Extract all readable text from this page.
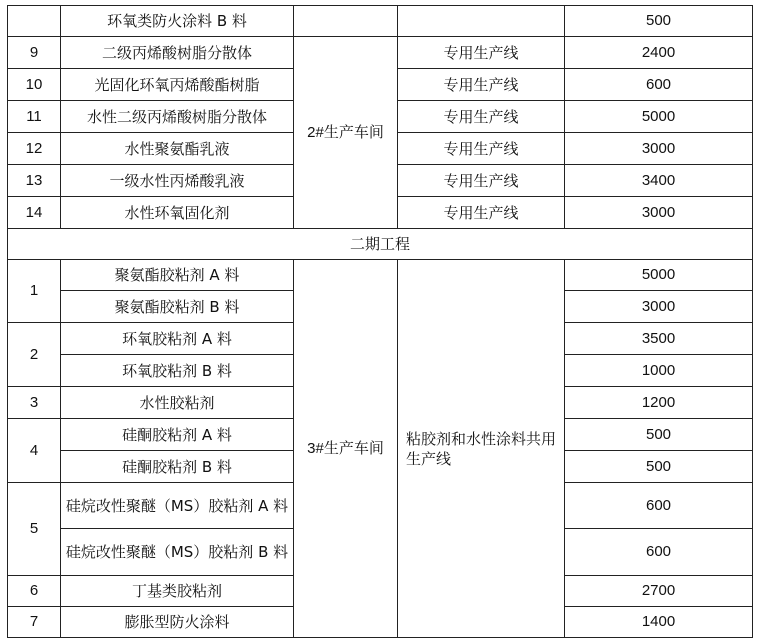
	环氧类防火涂料 B 料			500
9	二级丙烯酸树脂分散体	2#生产车间	专用生产线	2400
10	光固化环氧丙烯酸酯树脂		专用生产线	600
11	水性二级丙烯酸树脂分散体		专用生产线	5000
12	水性聚氨酯乳液		专用生产线	3000
13	一级水性丙烯酸乳液		专用生产线	3400
14	水性环氧固化剂		专用生产线	3000
二期工程				
1	聚氨酯胶粘剂 A 料	3#生产车间	粘胶剂和水性涂料共用生产线	5000
	聚氨酯胶粘剂 B 料			3000
2	环氧胶粘剂 A 料			3500
	环氧胶粘剂 B 料			1000
3	水性胶粘剂			1200
4	硅酮胶粘剂 A 料			500
	硅酮胶粘剂 B 料			500
5	硅烷改性聚醚（MS）胶粘剂 A 料			600
	硅烷改性聚醚（MS）胶粘剂 B 料			600
6	丁基类胶粘剂			2700
7	膨胀型防火涂料			1400
